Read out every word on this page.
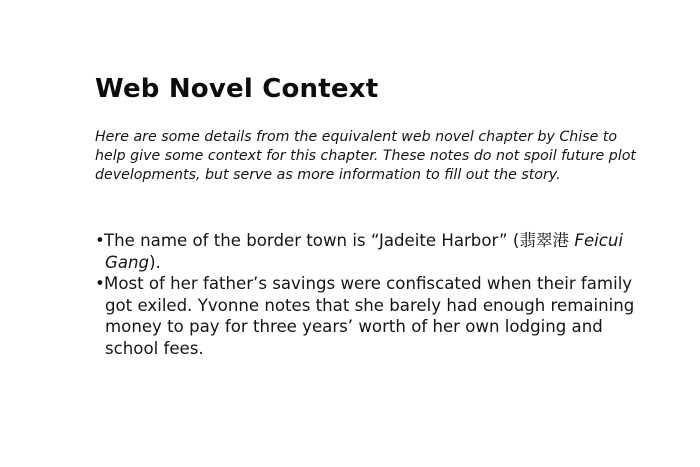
Web Novel Context

Here are some details from the equivalent web novel chapter by Chise to
help give some context for this chapter. These notes do not spoil future plot
developments, but serve as more information to fill out the story.

• The name of the border town is “Jadeite Harbor” (翡翠港 Feicui
Gang).
• Most of her father’s savings were confiscated when their family
got exiled. Yvonne notes that she barely had enough remaining
money to pay for three years’ worth of her own lodging and
school fees.
